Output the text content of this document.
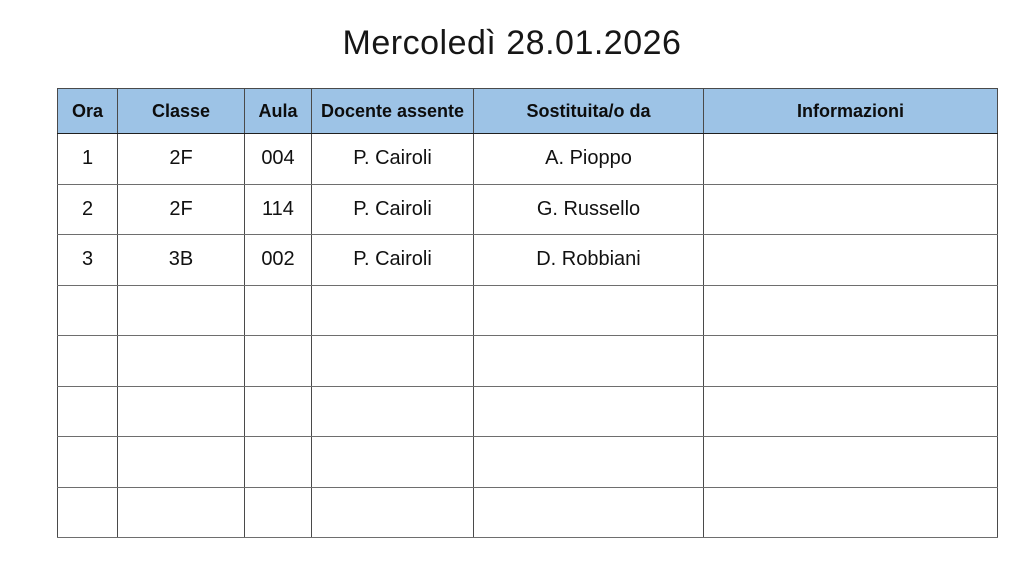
Mercoledì 28.01.2026
Ora	Classe	Aula	Docente assente	Sostituita/o da	Informazioni
1	2F	004	P. Cairoli	A. Pioppo	
2	2F	114	P. Cairoli	G. Russello	
3	3B	002	P. Cairoli	D. Robbiani	
